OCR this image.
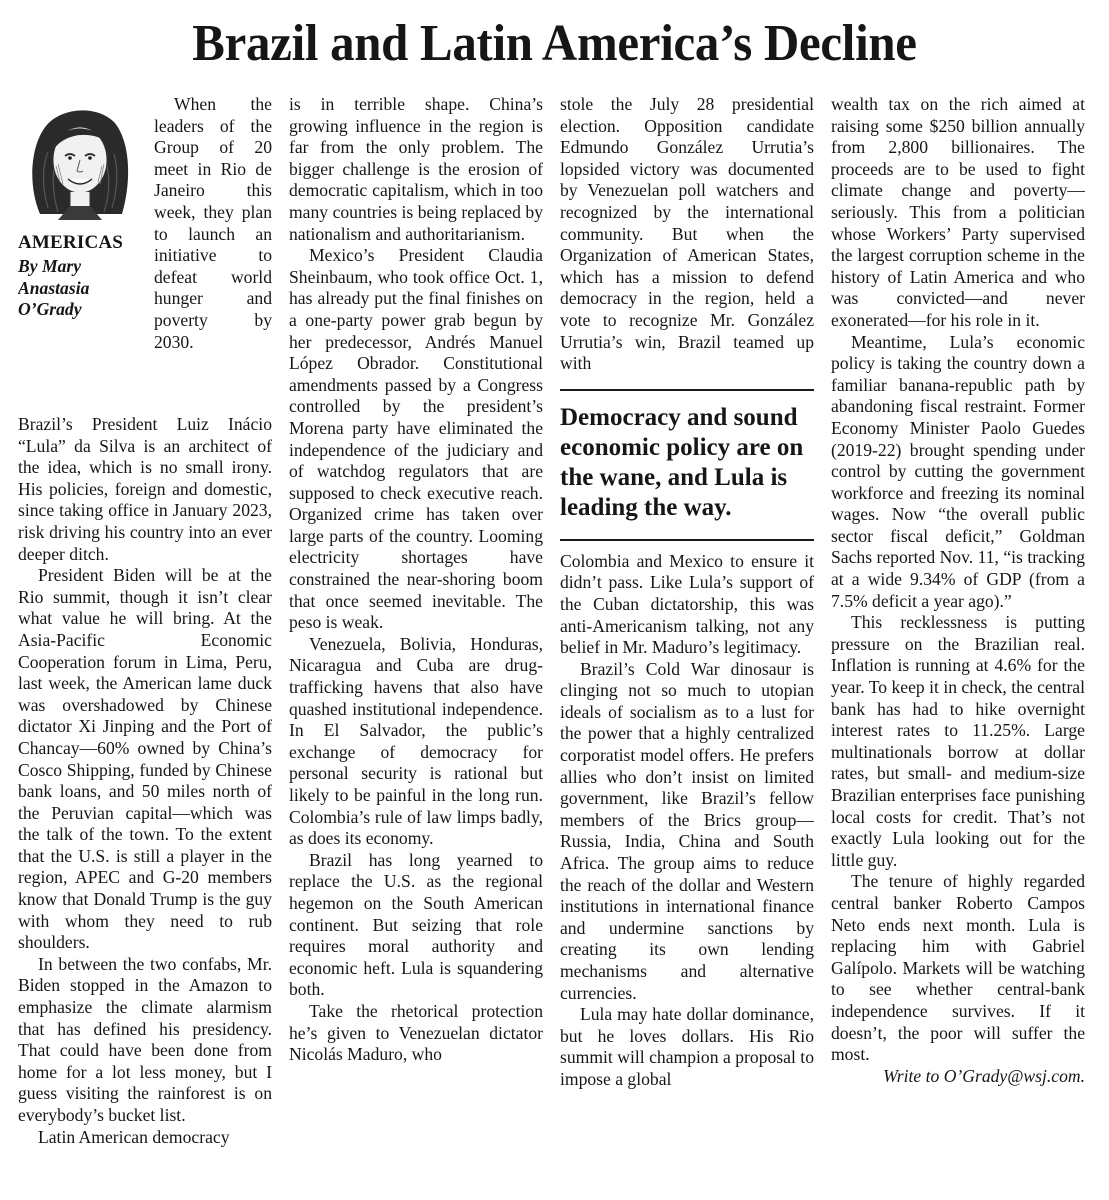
Brazil and Latin America’s Decline
AMERICAS
By Mary
Anastasia
O’Grady

When the leaders of the Group of 20 meet in Rio de Janeiro this week, they plan to launch an initiative to defeat world hunger and poverty by 2030.

Brazil’s President Luiz Inácio “Lula” da Silva is an architect of the idea, which is no small irony. His policies, foreign and domestic, since taking office in January 2023, risk driving his country into an ever deeper ditch.

President Biden will be at the Rio summit, though it isn’t clear what value he will bring. At the Asia-Pacific Economic Cooperation forum in Lima, Peru, last week, the American lame duck was overshadowed by Chinese dictator Xi Jinping and the Port of Chancay—60% owned by China’s Cosco Shipping, funded by Chinese bank loans, and 50 miles north of the Peruvian capital—which was the talk of the town. To the extent that the U.S. is still a player in the region, APEC and G-20 members know that Donald Trump is the guy with whom they need to rub shoulders.

In between the two confabs, Mr. Biden stopped in the Amazon to emphasize the climate alarmism that has defined his presidency. That could have been done from home for a lot less money, but I guess visiting the rainforest is on everybody’s bucket list.

Latin American democracy

is in terrible shape. China’s growing influence in the region is far from the only problem. The bigger challenge is the erosion of democratic capitalism, which in too many countries is being replaced by nationalism and authoritarianism.

Mexico’s President Claudia Sheinbaum, who took office Oct. 1, has already put the final finishes on a one-party power grab begun by her predecessor, Andrés Manuel López Obrador. Constitutional amendments passed by a Congress controlled by the president’s Morena party have eliminated the independence of the judiciary and of watchdog regulators that are supposed to check executive reach. Organized crime has taken over large parts of the country. Looming electricity shortages have constrained the near-shoring boom that once seemed inevitable. The peso is weak.

Venezuela, Bolivia, Honduras, Nicaragua and Cuba are drug-trafficking havens that also have quashed institutional independence. In El Salvador, the public’s exchange of democracy for personal security is rational but likely to be painful in the long run. Colombia’s rule of law limps badly, as does its economy.

Brazil has long yearned to replace the U.S. as the regional hegemon on the South American continent. But seizing that role requires moral authority and economic heft. Lula is squandering both.

Take the rhetorical protection he’s given to Venezuelan dictator Nicolás Maduro, who

stole the July 28 presidential election. Opposition candidate Edmundo González Urrutia’s lopsided victory was documented by Venezuelan poll watchers and recognized by the international community. But when the Organization of American States, which has a mission to defend democracy in the region, held a vote to recognize Mr. González Urrutia’s win, Brazil teamed up with

Democracy and sound economic policy are on the wane, and Lula is leading the way.

Colombia and Mexico to ensure it didn’t pass. Like Lula’s support of the Cuban dictatorship, this was anti-Americanism talking, not any belief in Mr. Maduro’s legitimacy.

Brazil’s Cold War dinosaur is clinging not so much to utopian ideals of socialism as to a lust for the power that a highly centralized corporatist model offers. He prefers allies who don’t insist on limited government, like Brazil’s fellow members of the Brics group—Russia, India, China and South Africa. The group aims to reduce the reach of the dollar and Western institutions in international finance and undermine sanctions by creating its own lending mechanisms and alternative currencies.

Lula may hate dollar dominance, but he loves dollars. His Rio summit will champion a proposal to impose a global

wealth tax on the rich aimed at raising some $250 billion annually from 2,800 billionaires. The proceeds are to be used to fight climate change and poverty—seriously. This from a politician whose Workers’ Party supervised the largest corruption scheme in the history of Latin America and who was convicted—and never exonerated—for his role in it.

Meantime, Lula’s economic policy is taking the country down a familiar banana-republic path by abandoning fiscal restraint. Former Economy Minister Paolo Guedes (2019-22) brought spending under control by cutting the government workforce and freezing its nominal wages. Now “the overall public sector fiscal deficit,” Goldman Sachs reported Nov. 11, “is tracking at a wide 9.34% of GDP (from a 7.5% deficit a year ago).”

This recklessness is putting pressure on the Brazilian real. Inflation is running at 4.6% for the year. To keep it in check, the central bank has had to hike overnight interest rates to 11.25%. Large multinationals borrow at dollar rates, but small- and medium-size Brazilian enterprises face punishing local costs for credit. That’s not exactly Lula looking out for the little guy.

The tenure of highly regarded central banker Roberto Campos Neto ends next month. Lula is replacing him with Gabriel Galípolo. Markets will be watching to see whether central-bank independence survives. If it doesn’t, the poor will suffer the most.

Write to O’Grady@wsj.com.
